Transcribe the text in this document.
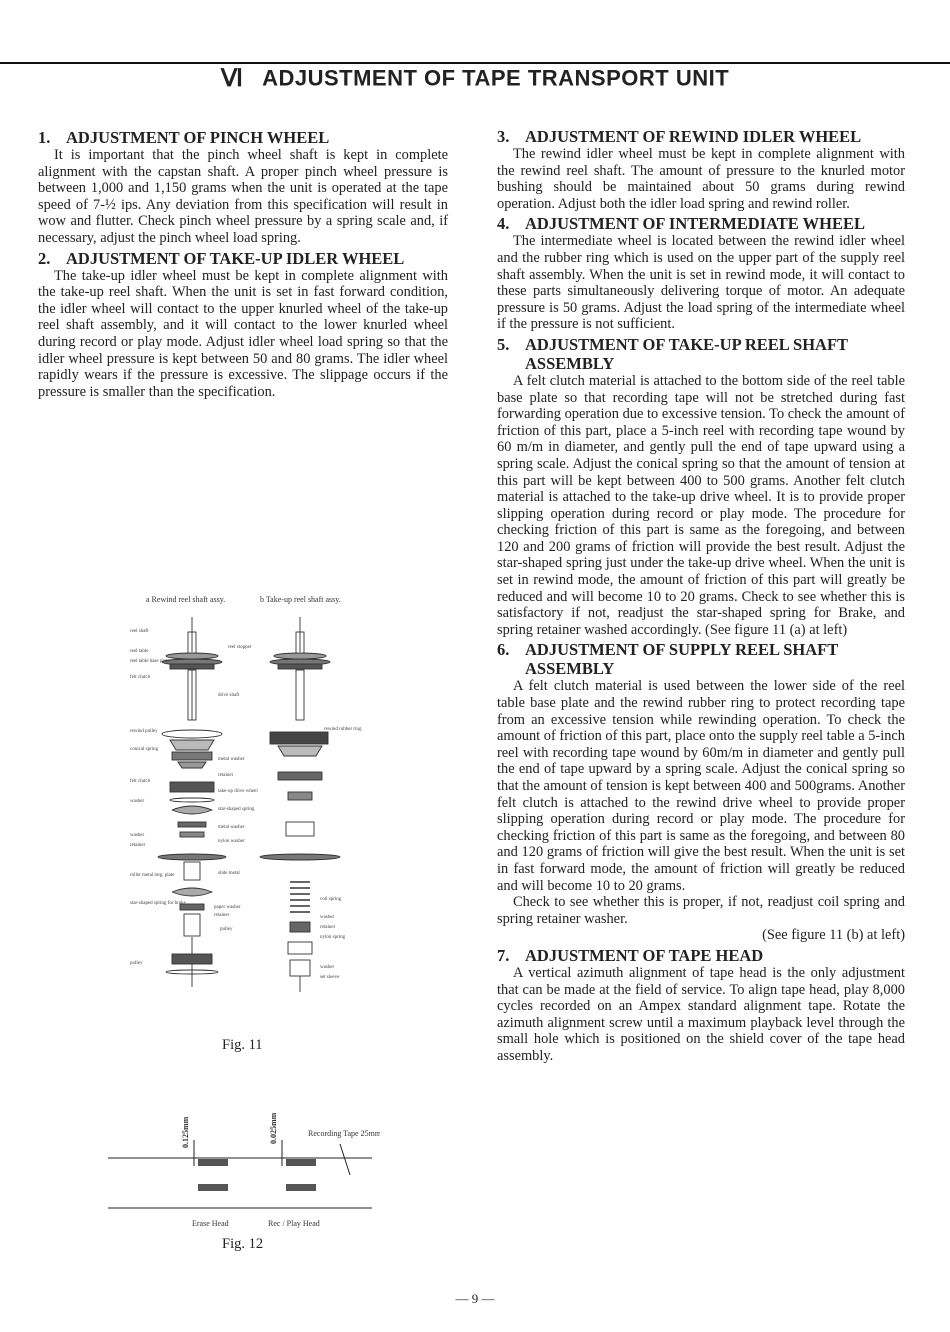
Ⅵ ADJUSTMENT OF TAPE TRANSPORT UNIT
1. ADJUSTMENT OF PINCH WHEEL

It is important that the pinch wheel shaft is kept in complete alignment with the capstan shaft. A proper pinch wheel pressure is between 1,000 and 1,150 grams when the unit is operated at the tape speed of 7-½ ips. Any deviation from this specification will result in wow and flutter. Check pinch wheel pressure by a spring scale and, if necessary, adjust the pinch wheel load spring.

2. ADJUSTMENT OF TAKE-UP IDLER WHEEL

The take-up idler wheel must be kept in complete alignment with the take-up reel shaft. When the unit is set in fast forward condition, the idler wheel will contact to the upper knurled wheel of the take-up reel shaft assembly, and it will contact to the lower knurled wheel during record or play mode. Adjust idler wheel load spring so that the idler wheel pressure is kept between 50 and 80 grams. The idler wheel rapidly wears if the pressure is excessive. The slippage occurs if the pressure is smaller than the specification.

a Rewind reel shaft assy.	b Take-up reel shaft assy.
reel shaft
reel table
reel table base plate
felt clutch
rewind pulley
conical spring
felt clutch
washer
washer
retainer
roller metal mtg. plate
star-shaped spring for brake
pulley
reel stopper
drive shaft
metal washer
retainer
take-up drive wheel
star-shaped spring
metal washer
nylon washer
slide metal
paper washer
retainer
pulley
rewind rubber ring
coil spring
washer
retainer
nylon spring
washer
set sleeve
Fig. 11
0.125mm	0.025mm	Recording Tape 25mm
Erase Head	Rec / Play Head
Fig. 12
3. ADJUSTMENT OF REWIND IDLER WHEEL

The rewind idler wheel must be kept in complete alignment with the rewind reel shaft. The amount of pressure to the knurled motor bushing should be maintained about 50 grams during rewind operation. Adjust both the idler load spring and rewind roller.

4. ADJUSTMENT OF INTERMEDIATE WHEEL

The intermediate wheel is located between the rewind idler wheel and the rubber ring which is used on the upper part of the supply reel shaft assembly. When the unit is set in rewind mode, it will contact to these parts simultaneously delivering torque of motor. An adequate pressure is 50 grams. Adjust the load spring of the intermediate wheel if the pressure is not sufficient.

5. ADJUSTMENT OF TAKE-UP REEL SHAFT ASSEMBLY

A felt clutch material is attached to the bottom side of the reel table base plate so that recording tape will not be stretched during fast forwarding operation due to excessive tension. To check the amount of friction of this part, place a 5-inch reel with recording tape wound by 60 m/m in diameter, and gently pull the end of tape upward using a spring scale. Adjust the conical spring so that the amount of tension at this part will be kept between 400 to 500 grams. Another felt clutch material is attached to the take-up drive wheel. It is to provide proper slipping operation during record or play mode. The procedure for checking friction of this part is same as the foregoing, and between 120 and 200 grams of friction will provide the best result. Adjust the star-shaped spring just under the take-up drive wheel. When the unit is set in rewind mode, the amount of friction of this part will greatly be reduced and will become 10 to 20 grams. Check to see whether this is satisfactory if not, readjust the star-shaped spring for Brake, and spring retainer washed accordingly. (See figure 11 (a) at left)

6. ADJUSTMENT OF SUPPLY REEL SHAFT ASSEMBLY

A felt clutch material is used between the lower side of the reel table base plate and the rewind rubber ring to protect recording tape from an excessive tension while rewinding operation. To check the amount of friction of this part, place onto the supply reel table a 5-inch reel with recording tape wound by 60m/m in diameter and gently pull the end of tape upward by a spring scale. Adjust the conical spring so that the amount of tension is kept between 400 and 500grams. Another felt clutch is attached to the rewind drive wheel to provide proper slipping operation during record or play mode. The procedure for checking friction of this part is same as the foregoing, and between 80 and 120 grams of friction will give the best result. When the unit is set in fast forward mode, the amount of friction will greatly be reduced and will become 10 to 20 grams.

Check to see whether this is proper, if not, readjust coil spring and spring retainer washer.

(See figure 11 (b) at left)

7. ADJUSTMENT OF TAPE HEAD

A vertical azimuth alignment of tape head is the only adjustment that can be made at the field of service. To align tape head, play 8,000 cycles recorded on an Ampex standard alignment tape. Rotate the azimuth alignment screw until a maximum playback level through the small hole which is positioned on the shield cover of the tape head assembly.

— 9 —
